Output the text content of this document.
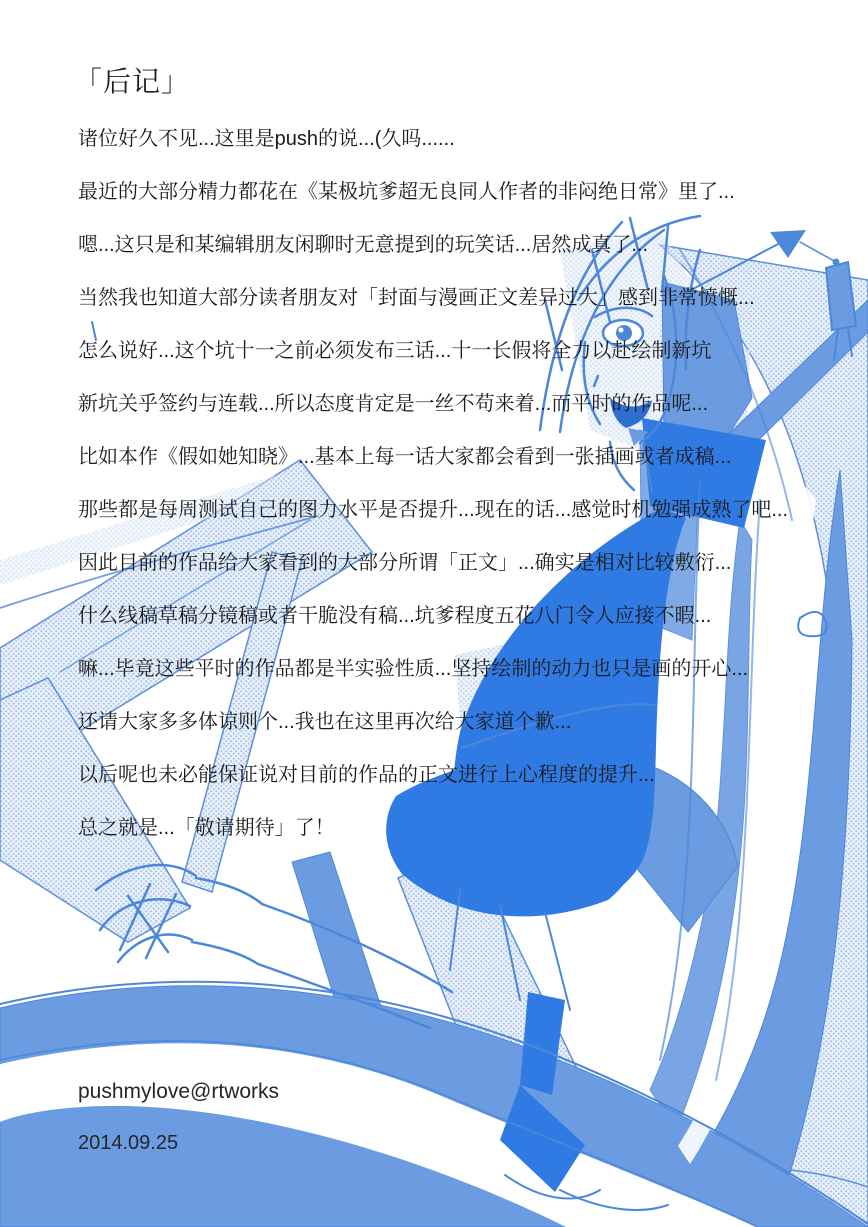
「后记」

诸位好久不见...这里是push的说...(久吗......

最近的大部分精力都花在《某极坑爹超无良同人作者的非闷绝日常》里了...

嗯...这只是和某编辑朋友闲聊时无意提到的玩笑话...居然成真了...

当然我也知道大部分读者朋友对「封面与漫画正文差异过大」感到非常愤慨...

怎么说好...这个坑十一之前必须发布三话...十一长假将全力以赴绘制新坑

新坑关乎签约与连载...所以态度肯定是一丝不苟来着...而平时的作品呢...

比如本作《假如她知晓》...基本上每一话大家都会看到一张插画或者成稿...

那些都是每周测试自己的图力水平是否提升...现在的话...感觉时机勉强成熟了吧...

因此目前的作品给大家看到的大部分所谓「正文」...确实是相对比较敷衍...

什么线稿草稿分镜稿或者干脆没有稿...坑爹程度五花八门令人应接不暇...

嘛...毕竟这些平时的作品都是半实验性质...坚持绘制的动力也只是画的开心...

还请大家多多体谅则个...我也在这里再次给大家道个歉...

以后呢也未必能保证说对目前的作品的正文进行上心程度的提升...

总之就是...「敬请期待」了！

pushmylove@rtworks

2014.09.25
